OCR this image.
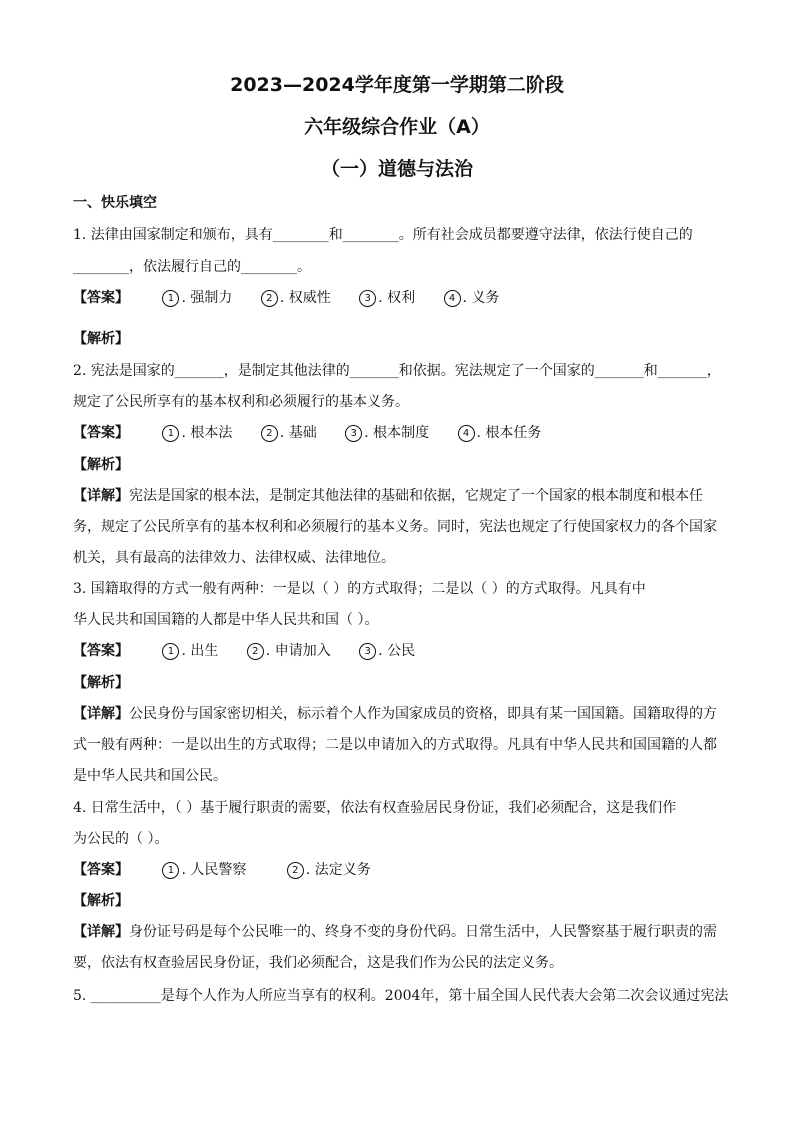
2023—2024学年度第一学期第二阶段
六年级综合作业（A）
（一）道德与法治
一、快乐填空
1. 法律由国家制定和颁布，具有________和________。所有社会成员都要遵守法律，依法行使自己的
________，依法履行自己的________。
【答案】	1 . 强制力	2 . 权威性	3 . 权利	4 . 义务
【解析】
2. 宪法是国家的_______，是制定其他法律的_______和依据。宪法规定了一个国家的_______和_______，
规定了公民所享有的基本权利和必须履行的基本义务。
【答案】	1 . 根本法	2 . 基础	3 . 根本制度	4 . 根本任务
【解析】
【详解】宪法是国家的根本法，是制定其他法律的基础和依据，它规定了一个国家的根本制度和根本任
务，规定了公民所享有的基本权利和必须履行的基本义务。同时，宪法也规定了行使国家权力的各个国家
机关，具有最高的法律效力、法律权威、法律地位。
3. 国籍取得的方式一般有两种：一是以（ ）的方式取得；二是以（ ）的方式取得。凡具有中
华人民共和国国籍的人都是中华人民共和国（ ）。
【答案】	1 . 出生	2 . 申请加入	3 . 公民
【解析】
【详解】公民身份与国家密切相关，标示着个人作为国家成员的资格，即具有某一国国籍。国籍取得的方
式一般有两种：一是以出生的方式取得；二是以申请加入的方式取得。凡具有中华人民共和国国籍的人都
是中华人民共和国公民。
4. 日常生活中，（ ）基于履行职责的需要，依法有权查验居民身份证，我们必须配合，这是我们作
为公民的（ ）。
【答案】	1 . 人民警察	2 . 法定义务
【解析】
【详解】身份证号码是每个公民唯一的、终身不变的身份代码。日常生活中，人民警察基于履行职责的需
要，依法有权查验居民身份证，我们必须配合，这是我们作为公民的法定义务。
5. __________是每个人作为人所应当享有的权利。2004年，第十届全国人民代表大会第二次会议通过宪法
